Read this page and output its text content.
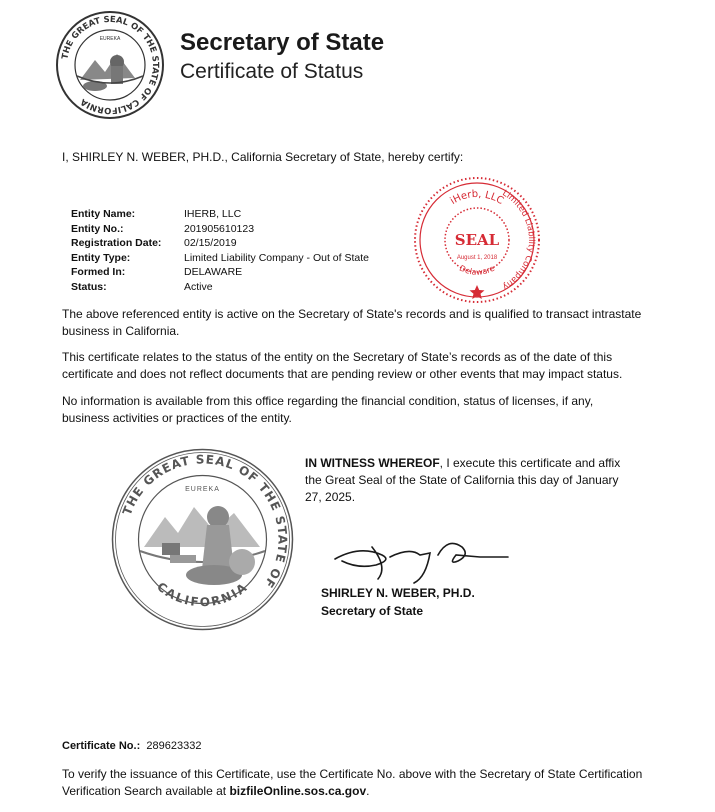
THE GREAT SEAL OF THE STATE OF CALIFORNIA
EUREKA Secretary of State
Certificate of Status
I, SHIRLEY N. WEBER, PH.D., California Secretary of State, hereby certify:
Entity Name:	IHERB, LLC
Entity No.:	201905610123
Registration Date:	02/15/2019
Entity Type:	Limited Liability Company - Out of State
Formed In:	DELAWARE
Status:	Active
iHerb, LLC
Limited Liability Company
SEAL
August 1, 2018
Delaware
The above referenced entity is active on the Secretary of State's records and is qualified to transact intrastate business in California.
This certificate relates to the status of the entity on the Secretary of State’s records as of the date of this certificate and does not reflect documents that are pending review or other events that may impact status.
No information is available from this office regarding the financial condition, status of licenses, if any, business activities or practices of the entity.
THE GREAT SEAL OF THE STATE OF
CALIFORNIA
EUREKA
IN WITNESS WHEREOF, I execute this certificate and affix the Great Seal of the State of California this day of January 27, 2025.
SHIRLEY N. WEBER, PH.D.
Secretary of State
Certificate No.: 289623332
To verify the issuance of this Certificate, use the Certificate No. above with the Secretary of State Certification Verification Search available at bizfileOnline.sos.ca.gov.
